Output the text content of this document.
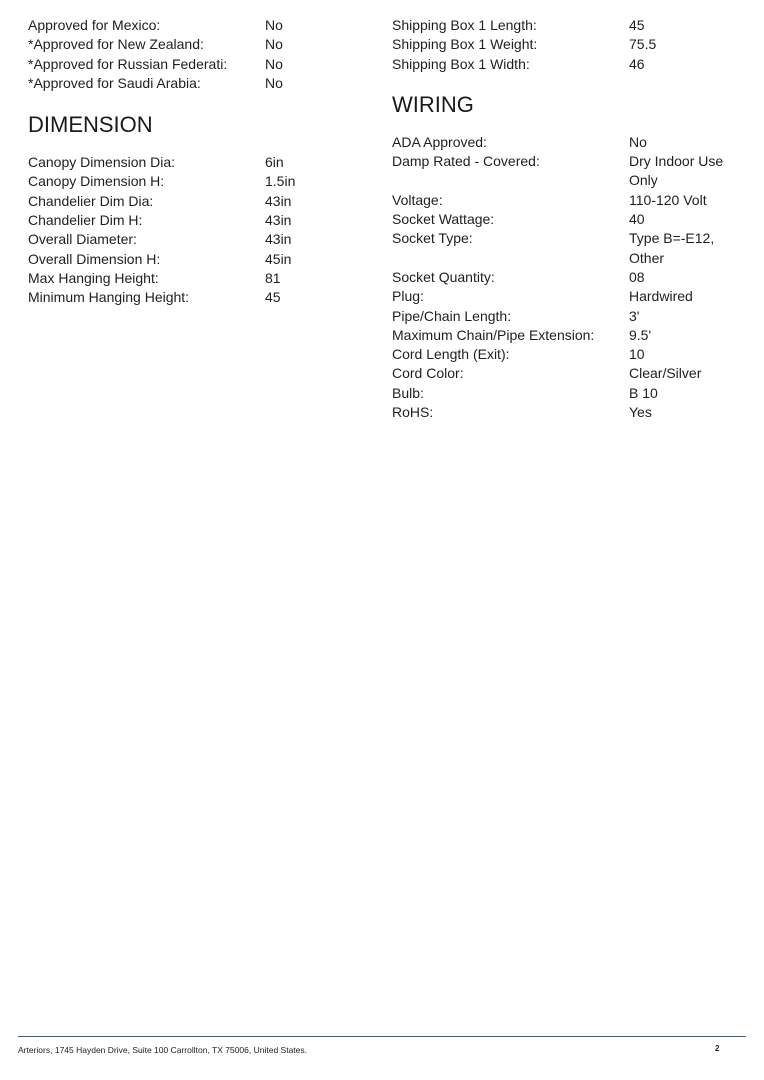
Approved for Mexico:	No
*Approved for New Zealand:	No
*Approved for Russian Federati:	No
*Approved for Saudi Arabia:	No
DIMENSION
Canopy Dimension Dia:	6in
Canopy Dimension H:	1.5in
Chandelier Dim Dia:	43in
Chandelier Dim H:	43in
Overall Diameter:	43in
Overall Dimension H:	45in
Max Hanging Height:	81
Minimum Hanging Height:	45
Shipping Box 1 Length:	45
Shipping Box 1 Weight:	75.5
Shipping Box 1 Width:	46
WIRING
ADA Approved:	No
Damp Rated - Covered:	Dry Indoor Use
Only
Voltage:	110-120 Volt
Socket Wattage:	40
Socket Type:	Type B=-E12,
Other
Socket Quantity:	08
Plug:	Hardwired
Pipe/Chain Length:	3'
Maximum Chain/Pipe Extension:	9.5'
Cord Length (Exit):	10
Cord Color:	Clear/Silver
Bulb:	B 10
RoHS:	Yes
Arteriors, 1745 Hayden Drive, Suite 100 Carrollton, TX 75006, United States.	2
